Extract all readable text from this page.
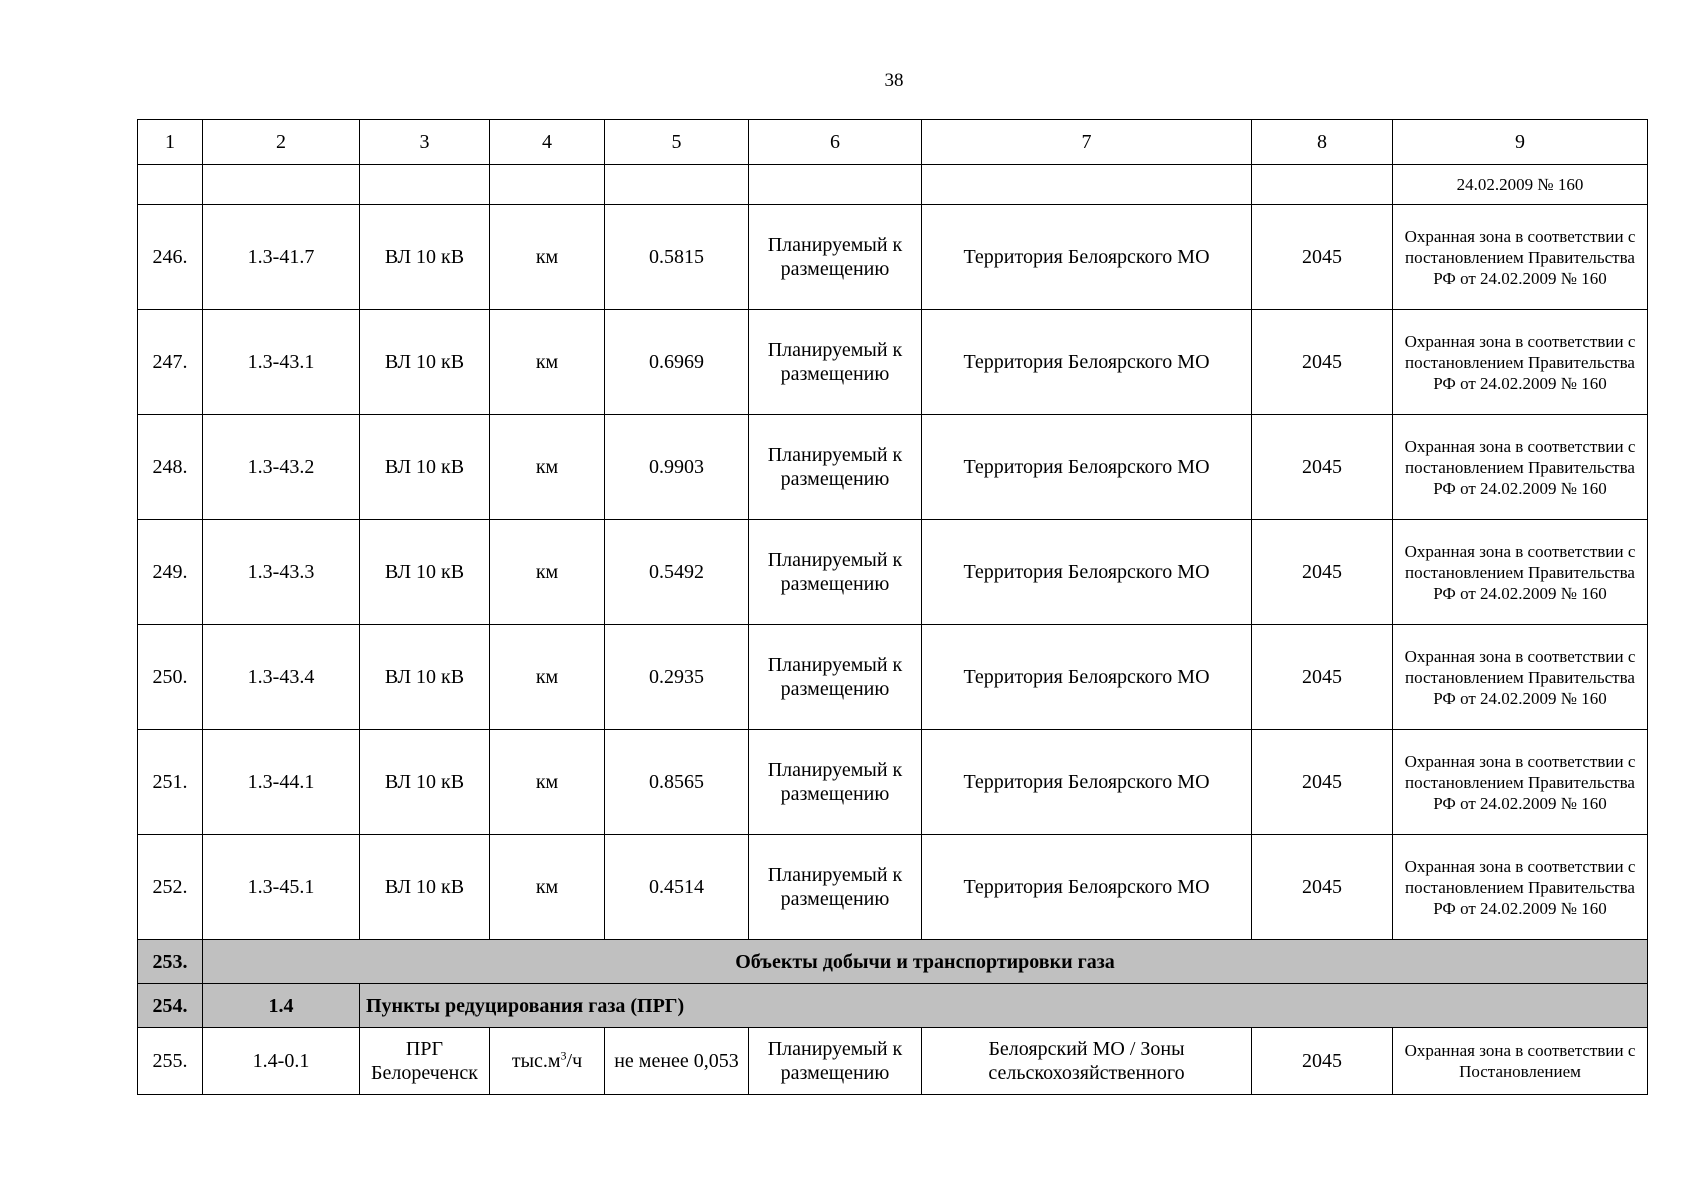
38
1	2	3	4	5	6	7	8	9
								24.02.2009 № 160
246.	1.3-41.7	ВЛ 10 кВ	км	0.5815	Планируемый к размещению	Территория Белоярского МО	2045	Охранная зона в соответствии с постановлением Правительства РФ от 24.02.2009 № 160
247.	1.3-43.1	ВЛ 10 кВ	км	0.6969	Планируемый к размещению	Территория Белоярского МО	2045	Охранная зона в соответствии с постановлением Правительства РФ от 24.02.2009 № 160
248.	1.3-43.2	ВЛ 10 кВ	км	0.9903	Планируемый к размещению	Территория Белоярского МО	2045	Охранная зона в соответствии с постановлением Правительства РФ от 24.02.2009 № 160
249.	1.3-43.3	ВЛ 10 кВ	км	0.5492	Планируемый к размещению	Территория Белоярского МО	2045	Охранная зона в соответствии с постановлением Правительства РФ от 24.02.2009 № 160
250.	1.3-43.4	ВЛ 10 кВ	км	0.2935	Планируемый к размещению	Территория Белоярского МО	2045	Охранная зона в соответствии с постановлением Правительства РФ от 24.02.2009 № 160
251.	1.3-44.1	ВЛ 10 кВ	км	0.8565	Планируемый к размещению	Территория Белоярского МО	2045	Охранная зона в соответствии с постановлением Правительства РФ от 24.02.2009 № 160
252.	1.3-45.1	ВЛ 10 кВ	км	0.4514	Планируемый к размещению	Территория Белоярского МО	2045	Охранная зона в соответствии с постановлением Правительства РФ от 24.02.2009 № 160
253.	Объекты добычи и транспортировки газа							
254.	1.4	Пункты редуцирования газа (ПРГ)						
255.	1.4-0.1	ПРГ Белореченск	$тыс.м^3/ч$	не менее 0,053	Планируемый к размещению	Белоярский МО / Зоны сельскохозяйственного	2045	Охранная зона в соответствии с Постановлением
